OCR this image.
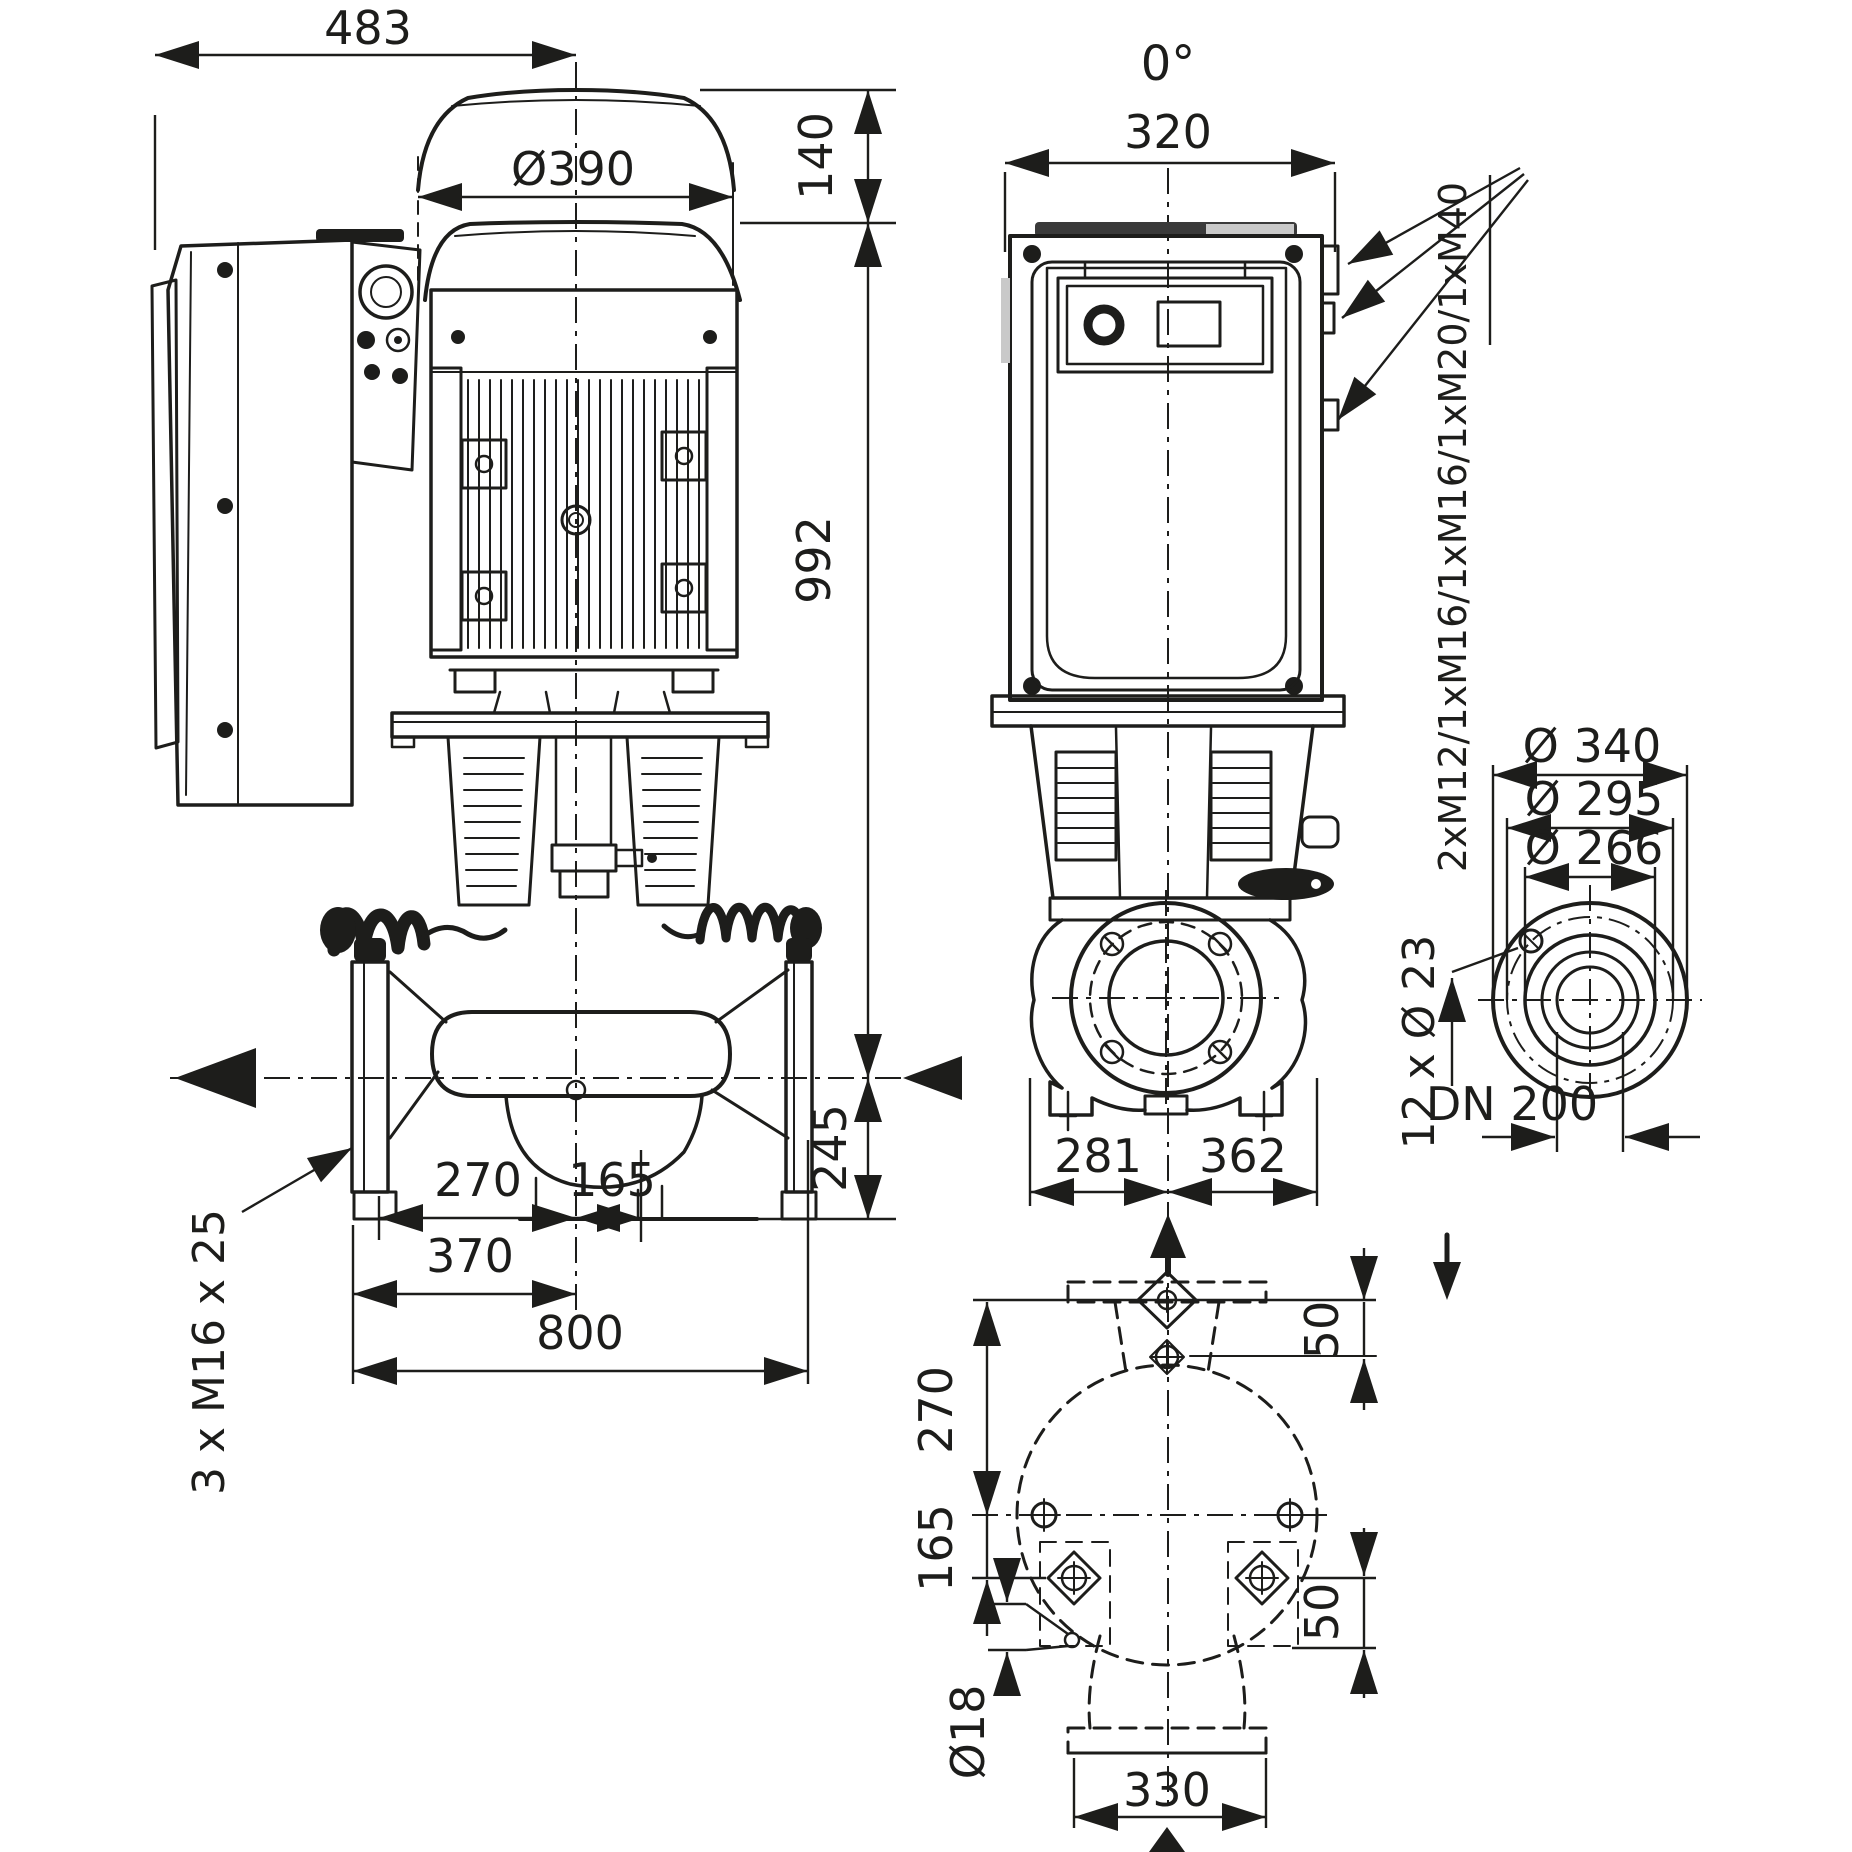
483
Ø390	140
992
245
270 165
370
800
3 x M16 x 25
0°
320
2xM12/1xM16/1xM16/1xM20/1xM40
281 362
Ø 340
Ø 295
Ø 266
12 x Ø 23
DN 200
270
165
50
50
Ø18
330
